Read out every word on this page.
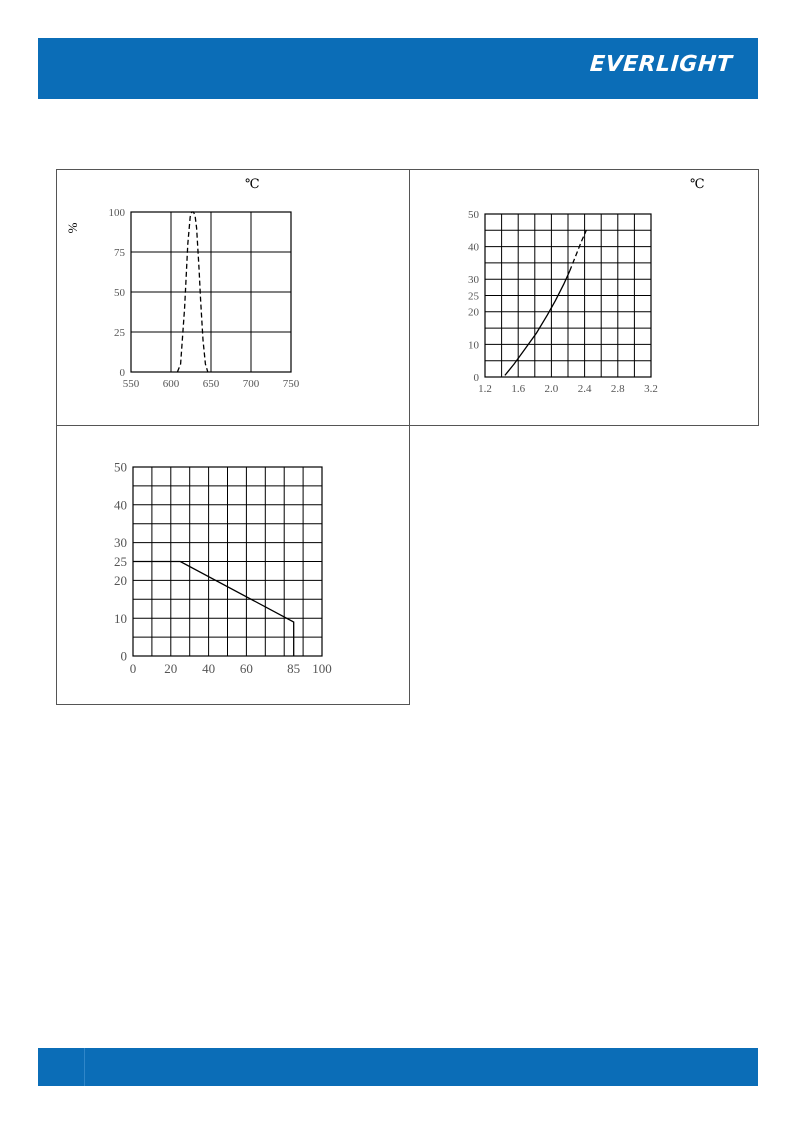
EVERLIGHT
℃
550 600 650 700 750
0
25
50
75
100
%
℃
1.2 1.6 2.0 2.4 2.8 3.2
0
10
20
25
30
40
50
0 20 40 60	85 100
0
10
20
25
30
40
50
